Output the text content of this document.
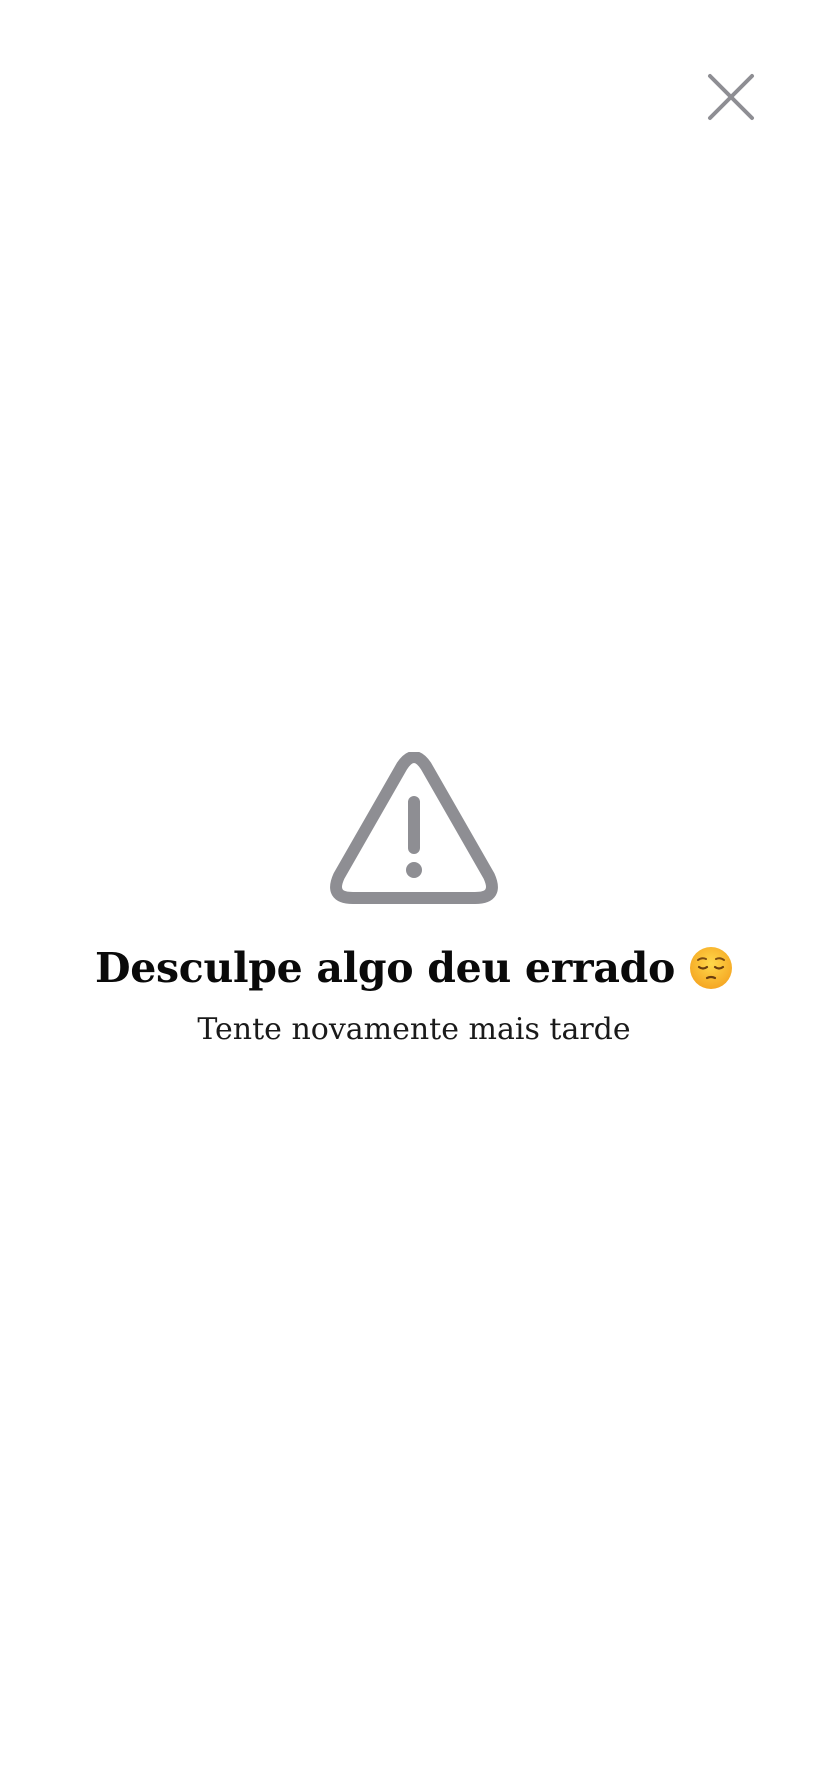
Desculpe algo deu errado
Tente novamente mais tarde
